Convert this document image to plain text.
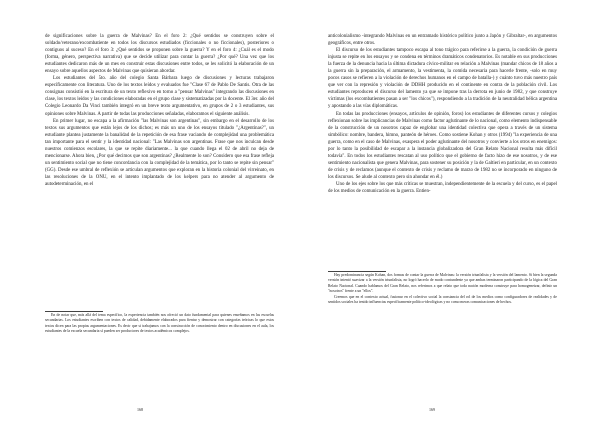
de significaciones sobre la guerra de Malvinas? En el foro 2: ¿Qué sentidos se construyen sobre el soldado/veterano/excombatiente en todos los discursos estudiados (ficcionales o no ficcionales), posteriores o contiguos al suceso? En el foro 3: ¿Qué sentidos se proponen sobre la guerra? Y en el foro 4: ¿Cuál es el modo (forma, género, perspectiva narrativa) que se decide utilizar para contar la guerra? ¿Por qué? Una vez que los estudiantes dedicaron más de un mes en construir estas discusiones entre todos, se les solicitó la elaboración de un ensayo sobre aquellos aspectos de Malvinas que quisieran abordar.

Los estudiantes del 5to. año del colegio Santa Bárbara luego de discusiones y lecturas trabajaron específicamente con literatura. Uno de los textos leídos y evaluados fue "Clase 67 de Pablo De Santis. Otra de las consignas consistió en la escritura de un texto reflexivo en torno a "pensar Malvinas" integrando las discusiones en clase, los textos leídos y las condiciones elaboradas en el grupo clase y sistematizadas por la docente. El 3er. año del Colegio Leonardo Da Vinci también integró en un breve texto argumentativo, en grupos de 2 o 3 estudiantes, sus opiniones sobre Malvinas. A partir de todas las producciones señaladas, elaboramos el siguiente análisis.

En primer lugar, no escapa a la afirmación "las Malvinas son argentinas", sin embargo en el desarrollo de los textos sus argumentos que están lejos de los dichos; es más un uno de los ensayos titulado "¿Argentinas?", un estudiante plantea justamente la banalidad de la repetición de esa frase vaciando de complejidad una problemática tan importante para el sentir y la identidad nacional: "Las Malvinas son argentinas. Frase que nos inculcan desde nuestros comienzos escolares, la que se repite diariamente... la que cuando llega el 02 de abril no deja de mencionarse. Ahora bien, ¿Por qué decimos que son argentinas? ¿Realmente lo son? Considero que esa frase refleja un sentimiento social que no tiene concordancia con la complejidad de la temática, por lo tanto se repite sin pensar" (GG). Desde ese umbral de reflexión se articulan argumentos que exploran en la historia colonial del virreinato, en las resoluciones de la ONU, en el intento implantado de los kelpers para no atender al argumento de autodeterminación, en el

En de notar que, más allá del tema específico, la experiencia también nos ofreció un dato fundamental para quienes enseñamos en las escuelas secundarias. Los estudiantes escriben con textos de calidad, debidamente elaborados para fientar y demostrar con categorías teóricas lo que estos textos dicen para las propias argumentaciones. Es decir que si trabajamos con la construcción de conocimiento dentro en discusiones en el aula, los estudiantes de la escuela secundaria sí pueden ser productores de textos académicos complejos.

168

anticolonialismo -integrando Malvinas en un entramado histórico político junto a Japón y Gibraltar-, en argumentos geográficos, entre otros.

El discurso de los estudiantes tampoco escapa al tono trágico para referirse a la guerra, la condición de guerra injusta se repite en los ensayos y se condena en términos dramáticos condenatorios. Es notable en sus producciones la fuerza de la denuncia hacia la última dictadura cívico-militar en relación a Malvinas (mandar chicos de 18 años a la guerra sin la preparación, el armamento, la vestimenta, la comida necesaria para hacerle frente, -solo en muy pocos casos se refieren a la violación de derechos humanos en el campo de batalla-) y cuánto tuvo más nuestro país que ver con la represión y violación de DDHH producido en el continente en contra de la población civil. Los estudiantes reproducen el discurso del lamento ya que se impone tras la derrota en junio de 1982, y que construye víctimas (los excombatientes pasan a ser "los chicos"), respondiendo a la tradición de la neutralidad bélica argentina y apostando a las vías diplomáticas.

En todas las producciones (ensayos, artículos de opinión, foros) los estudiantes de diferentes cursos y colegios reflexionan sobre las implicancias de Malvinas como factor aglutinante de lo nacional, como elemento indispensable de la construcción de un nosotros capaz de englobar una identidad colectiva que opera a través de un sistema simbólico: nombre, bandera, himno, panteón de héroes. Como sostiene Kohan y otros (1994) "la experiencia de una guerra, como en el caso de Malvinas, exaspera el poder aglutinante del nosotros y convierte a los otros en enemigos: por lo tanto la posibilidad de escapar a la instancia globalizadora del Gran Relato Nacional resulta más difícil todavía". En todos los estudiantes rescatan al uso político que el gobierno de facto hizo de ese nosotros, y de ese sentimiento nacionalista que genera Malvinas, para sostener su posición y la de Galtieri en particular, en un contexto de crisis y de reclamos (aunque el contexto de crisis y reclamo de marzo de 1982 no se incorporado en ninguno de los discursos. Se alude al contexto pero sin ahondar en él.)

Uno de los ejes sobre los que más críticas se muestran, independientemente de la escuela y del curso, es el papel de los medios de comunicación en la guerra. Entien-

Hay predominancia según Kohan, dos formas de contar la guerra de Malvinas: la versión triunfalista y la versión del lamento. Si bien la segunda versión intentó suavizar a la versión triunfalista, no logró hacerlo de modo contundente ya que ambas terminaron participando de la lógica del Gran Relato Nacional. Cuando hablamos del Gran Relato, nos referimos a que relato que toda nación moderna construye para homogeneizar, definir un "nosotros" frente a un "ellos".

Creemos que en el contexto actual, fusionar en el colectivo social la constancia del rol de los medios como configuradores de realidades y de sentidos sociales ha tenido influencias específicamente político-ideológicas y no como meras comunicaciones de hechos.

169
